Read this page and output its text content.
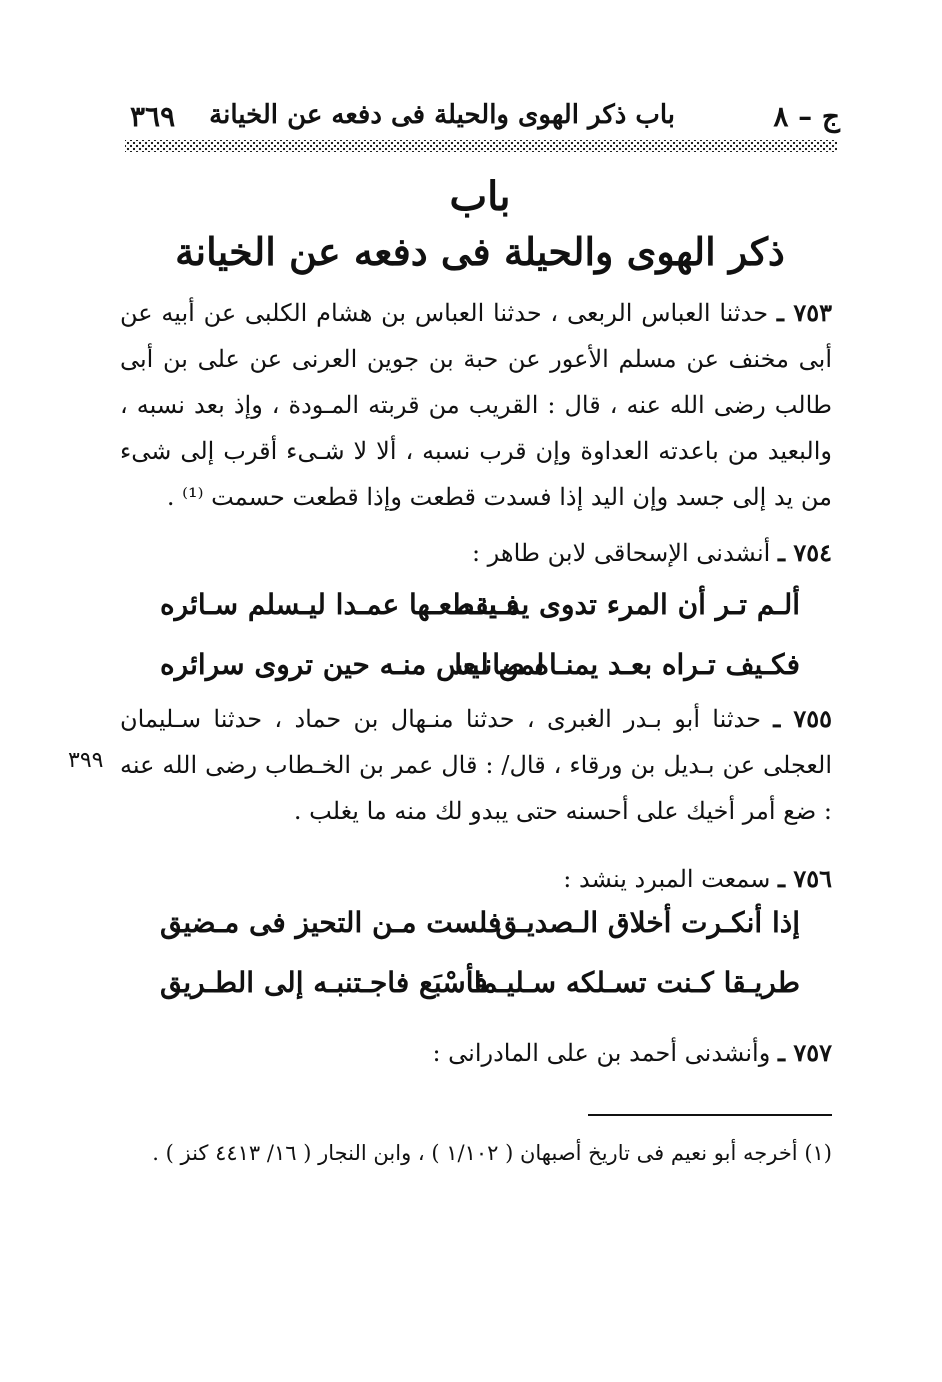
ج – ٨
باب ذكر الهوى والحيلة فى دفعه عن الخيانة
٣٦٩
باب
ذكر الهوى والحيلة فى دفعه عن الخيانة
٧٥٣ ـ حدثنا العباس الربعى ، حدثنا العباس بن هشام الكلبى عن أبيه عن أبى مخنف عن مسلم الأعور عن حبة بن جوين العرنى عن على بن أبى طالب رضى الله عنه ، قال : القريب من قربته المـودة ، وإذ بعد نسبه ، والبعيد من باعدته العداوة وإن قرب نسبه ، ألا لا شـىء أقرب إلى شىء من يد إلى جسد وإن اليد إذا فسدت قطعت وإذا قطعت حسمت ⁽¹⁾ .
٧٥٤ ـ أنشدنى الإسحاقى لابن طاهر :
ألـم تـر أن المرء تدوى يمـينـه
فـيقطعـها عمـدا ليـسلم سـائره
فكـيف تـراه بعـد يمنـاه صانـعا
لمن ليس منـه حين تروى سرائره
٧٥٥ ـ حدثنا أبو بـدر الغبرى ، حدثنا منـهال بن حماد ، حدثنا سـليمان العجلى عن بـديل بن ورقاء ، قال/ : قال عمر بن الخـطاب رضى الله عنه : ضع أمر أخيك على أحسنه حتى يبدو لك منه ما يغلب .
٣٩٩
٧٥٦ ـ سمعت المبرد ينشد :
إذا أنكـرت أخلاق الـصديـق
فلست مـن التحيز فى مـضيق
طريـقا كـنت تسـلكه سـليـما
فأسْبَع فاجـتنبـه إلى الطـريق
٧٥٧ ـ وأنشدنى أحمد بن على المادرانى :
(١) أخرجه أبو نعيم فى تاريخ أصبهان ( ١/١٠٢ ) ، وابن النجار ( ١٦/ ٤٤١٣ كنز ) .
